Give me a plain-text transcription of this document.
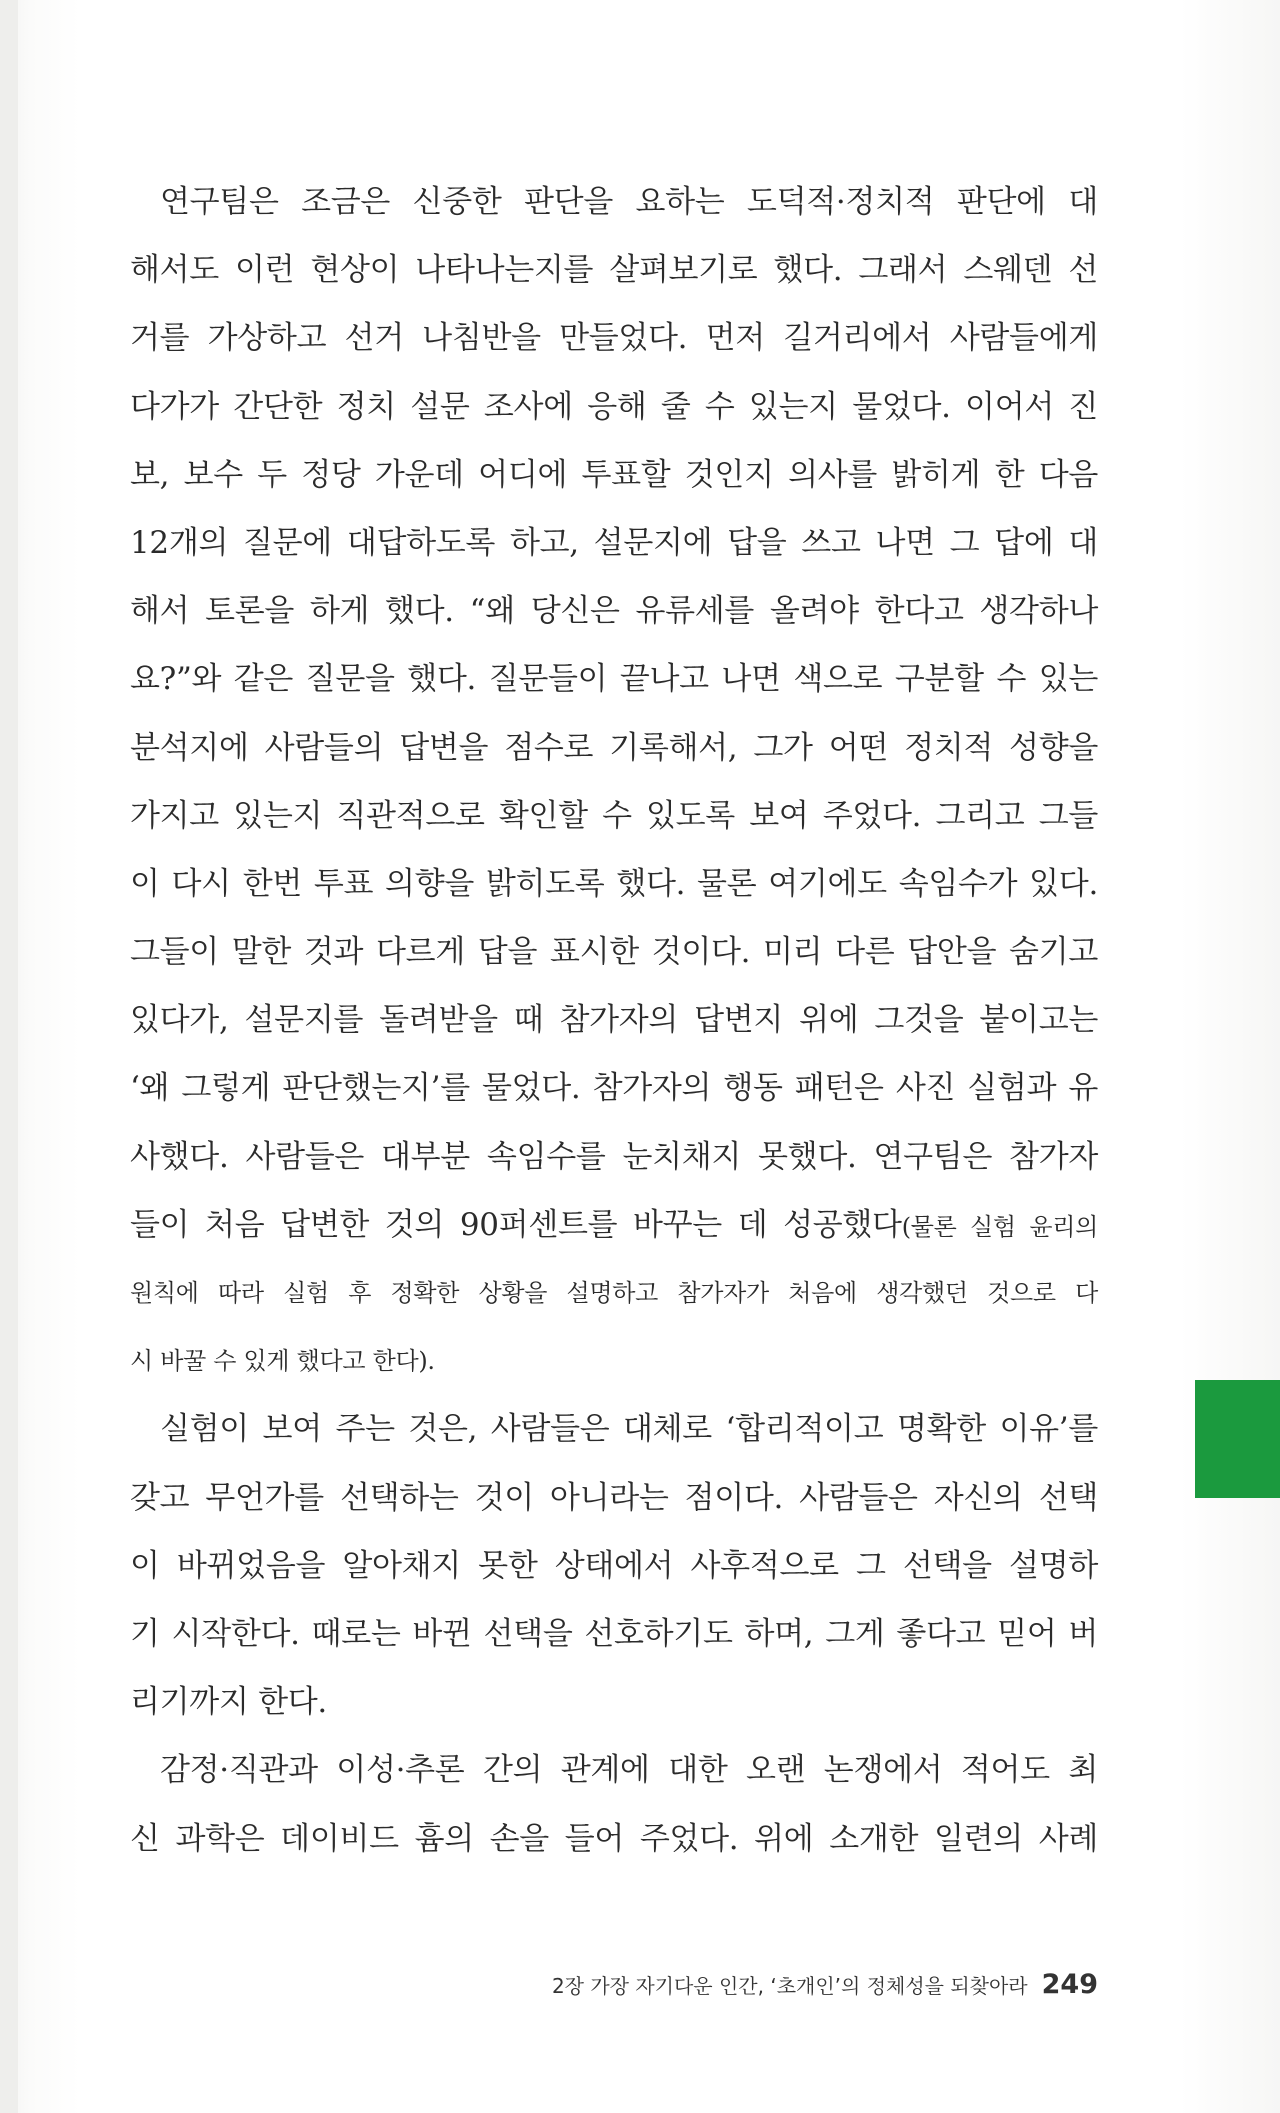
연구팀은 조금은 신중한 판단을 요하는 도덕적·정치적 판단에 대
해서도 이런 현상이 나타나는지를 살펴보기로 했다. 그래서 스웨덴 선
거를 가상하고 선거 나침반을 만들었다. 먼저 길거리에서 사람들에게
다가가 간단한 정치 설문 조사에 응해 줄 수 있는지 물었다. 이어서 진
보, 보수 두 정당 가운데 어디에 투표할 것인지 의사를 밝히게 한 다음
12개의 질문에 대답하도록 하고, 설문지에 답을 쓰고 나면 그 답에 대
해서 토론을 하게 했다. “왜 당신은 유류세를 올려야 한다고 생각하나
요?”와 같은 질문을 했다. 질문들이 끝나고 나면 색으로 구분할 수 있는
분석지에 사람들의 답변을 점수로 기록해서, 그가 어떤 정치적 성향을
가지고 있는지 직관적으로 확인할 수 있도록 보여 주었다. 그리고 그들
이 다시 한번 투표 의향을 밝히도록 했다. 물론 여기에도 속임수가 있다.
그들이 말한 것과 다르게 답을 표시한 것이다. 미리 다른 답안을 숨기고
있다가, 설문지를 돌려받을 때 참가자의 답변지 위에 그것을 붙이고는
‘왜 그렇게 판단했는지’를 물었다. 참가자의 행동 패턴은 사진 실험과 유
사했다. 사람들은 대부분 속임수를 눈치채지 못했다. 연구팀은 참가자
들이 처음 답변한 것의 90퍼센트를 바꾸는 데 성공했다(물론 실험 윤리의
원칙에 따라 실험 후 정확한 상황을 설명하고 참가자가 처음에 생각했던 것으로 다
시 바꿀 수 있게 했다고 한다).
실험이 보여 주는 것은, 사람들은 대체로 ‘합리적이고 명확한 이유’를
갖고 무언가를 선택하는 것이 아니라는 점이다. 사람들은 자신의 선택
이 바뀌었음을 알아채지 못한 상태에서 사후적으로 그 선택을 설명하
기 시작한다. 때로는 바뀐 선택을 선호하기도 하며, 그게 좋다고 믿어 버
리기까지 한다.
감정·직관과 이성·추론 간의 관계에 대한 오랜 논쟁에서 적어도 최
신 과학은 데이비드 흄의 손을 들어 주었다. 위에 소개한 일련의 사례
2장 가장 자기다운 인간, ‘초개인’의 정체성을 되찾아라 249
